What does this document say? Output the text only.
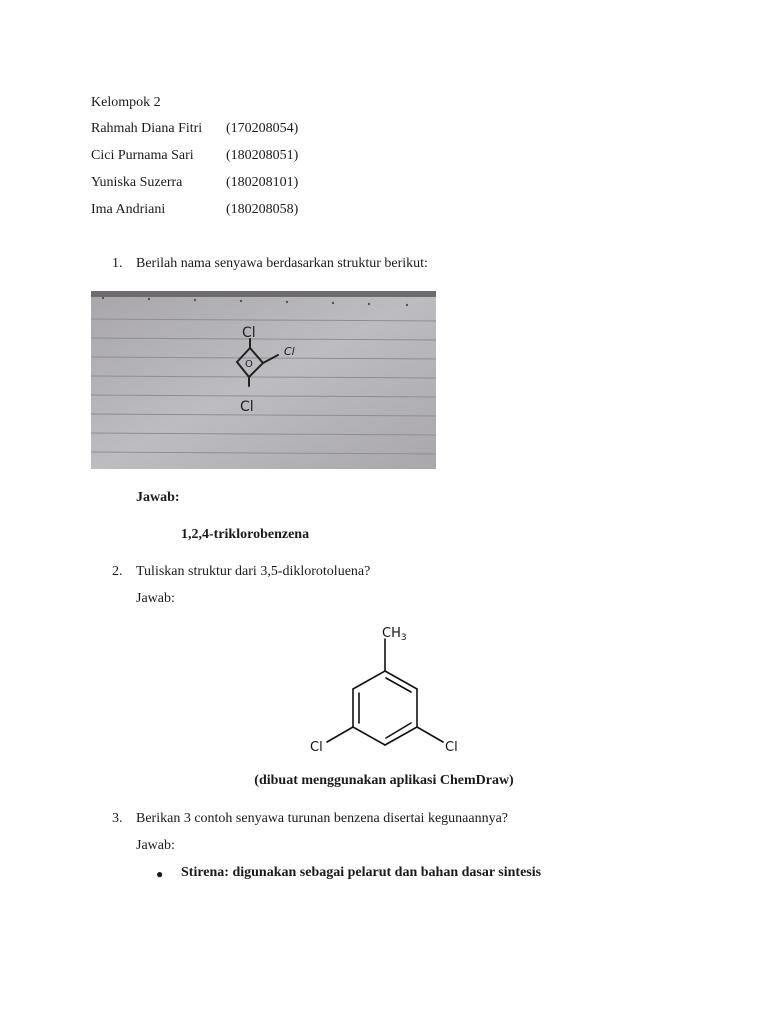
Kelompok 2
Rahmah Diana Fitri (170208054)
Cici Purnama Sari (180208051)
Yuniska Suzerra	(180208101)
Ima Andriani	(180208058)
1. Berilah nama senyawa berdasarkan struktur berikut:
Cl
Cl
O
Cl
Jawab:
1,2,4-triklorobenzena
2. Tuliskan struktur dari 3,5-diklorotoluena?
Jawab:
$CH_3$
Cl	Cl
(dibuat menggunakan aplikasi ChemDraw)
3. Berikan 3 contoh senyawa turunan benzena disertai kegunaannya?
Jawab:
● Stirena: digunakan sebagai pelarut dan bahan dasar sintesis
